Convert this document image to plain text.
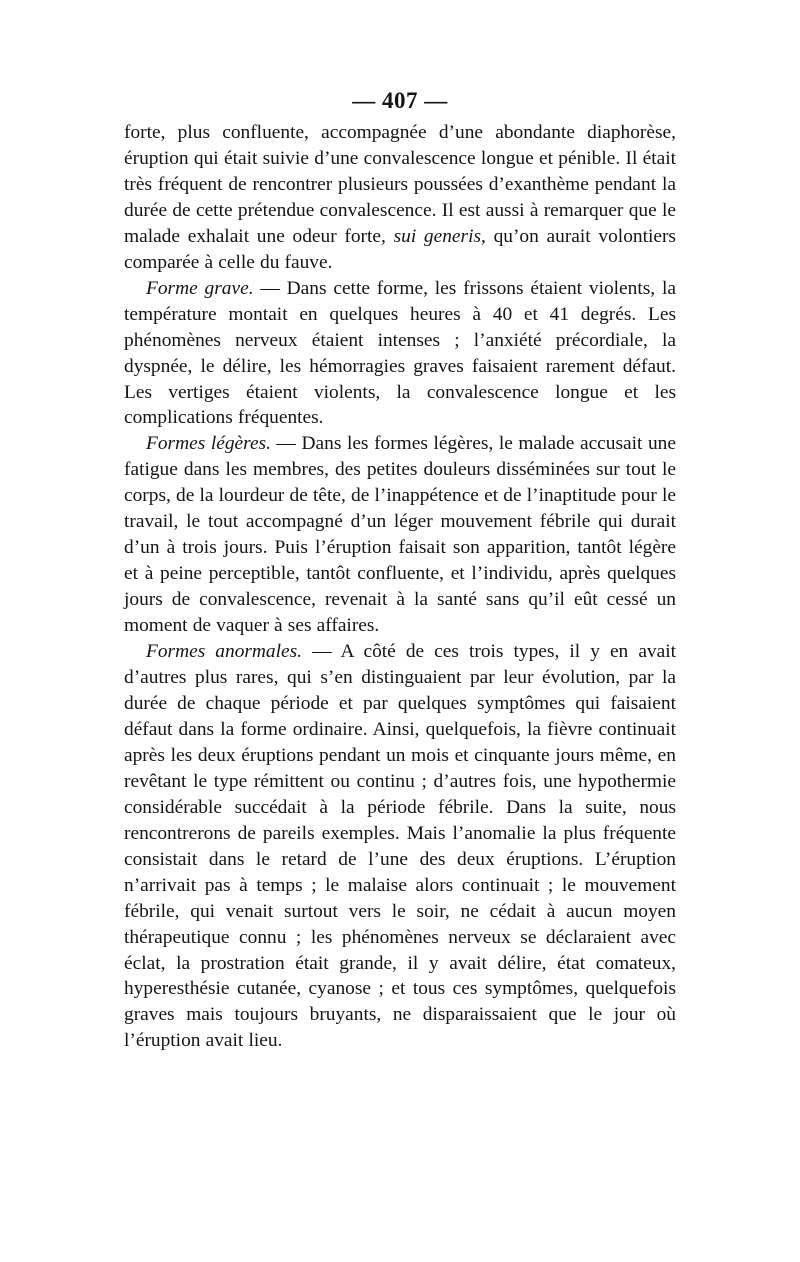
— 407 —

forte, plus confluente, accompagnée d’une abondante diaphorèse, éruption qui était suivie d’une convalescence longue et pénible. Il était très fréquent de rencontrer plusieurs poussées d’exanthème pendant la durée de cette prétendue convalescence. Il est aussi à remarquer que le malade exhalait une odeur forte, sui generis, qu’on aurait volontiers comparée à celle du fauve.

Forme grave. — Dans cette forme, les frissons étaient violents, la température montait en quelques heures à 40 et 41 degrés. Les phénomènes nerveux étaient intenses ; l’anxiété précordiale, la dyspnée, le délire, les hémorragies graves faisaient rarement défaut. Les vertiges étaient violents, la convalescence longue et les complications fréquentes.

Formes légères. — Dans les formes légères, le malade accusait une fatigue dans les membres, des petites douleurs disséminées sur tout le corps, de la lourdeur de tête, de l’inappétence et de l’inaptitude pour le travail, le tout accompagné d’un léger mouvement fébrile qui durait d’un à trois jours. Puis l’éruption faisait son apparition, tantôt légère et à peine perceptible, tantôt confluente, et l’individu, après quelques jours de convalescence, revenait à la santé sans qu’il eût cessé un moment de vaquer à ses affaires.

Formes anormales. — A côté de ces trois types, il y en avait d’autres plus rares, qui s’en distinguaient par leur évolution, par la durée de chaque période et par quelques symptômes qui faisaient défaut dans la forme ordinaire. Ainsi, quelquefois, la fièvre continuait après les deux éruptions pendant un mois et cinquante jours même, en revêtant le type rémittent ou continu ; d’autres fois, une hypothermie considérable succédait à la période fébrile. Dans la suite, nous rencontrerons de pareils exemples. Mais l’anomalie la plus fréquente consistait dans le retard de l’une des deux éruptions. L’éruption n’arrivait pas à temps ; le malaise alors continuait ; le mouvement fébrile, qui venait surtout vers le soir, ne cédait à aucun moyen thérapeutique connu ; les phénomènes nerveux se déclaraient avec éclat, la prostration était grande, il y avait délire, état comateux, hyperesthésie cutanée, cyanose ; et tous ces symptômes, quelquefois graves mais toujours bruyants, ne disparaissaient que le jour où l’éruption avait lieu.
